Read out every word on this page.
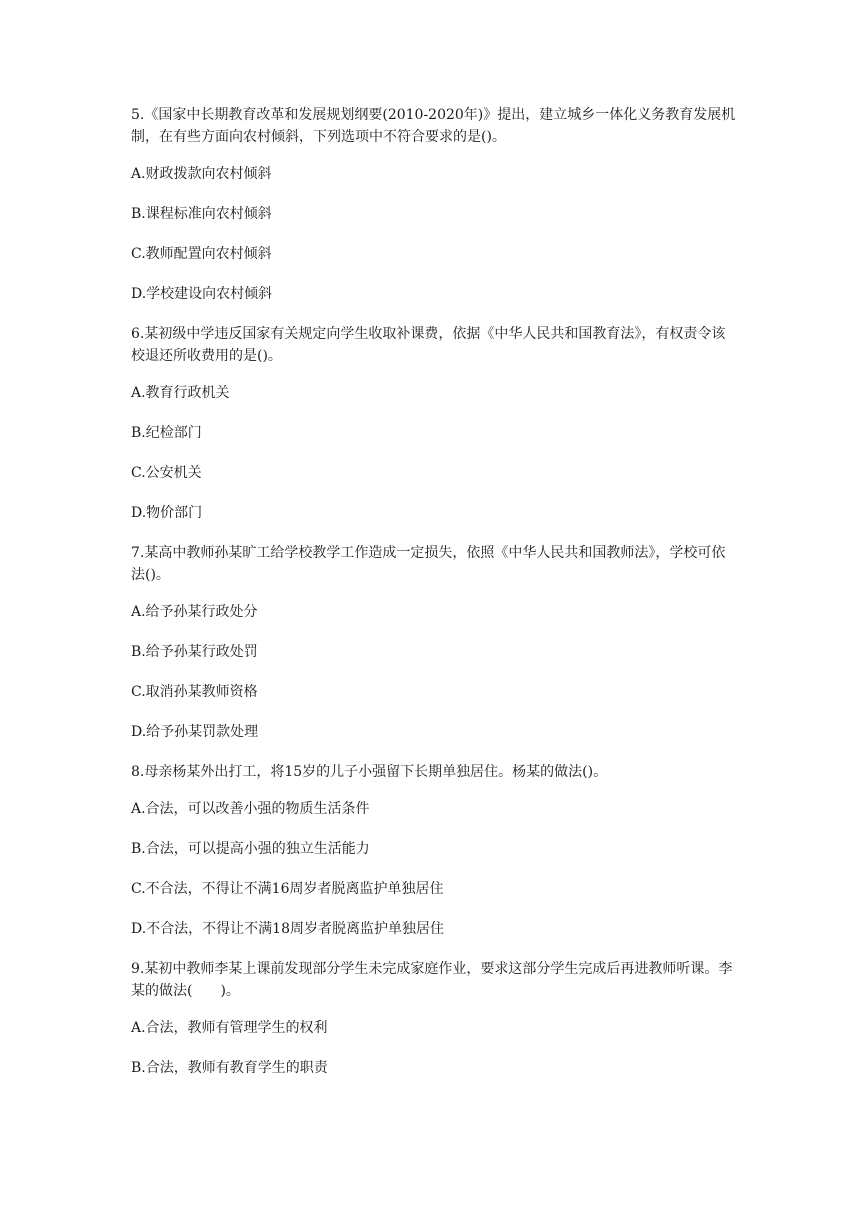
5.《国家中长期教育改革和发展规划纲要(2010-2020年)》提出，建立城乡一体化义务教育发展机制，在有些方面向农村倾斜，下列选项中不符合要求的是()。

A.财政拨款向农村倾斜

B.课程标准向农村倾斜

C.教师配置向农村倾斜

D.学校建设向农村倾斜

6.某初级中学违反国家有关规定向学生收取补课费，依据《中华人民共和国教育法》，有权责令该校退还所收费用的是()。

A.教育行政机关

B.纪检部门

C.公安机关

D.物价部门

7.某高中教师孙某旷工给学校教学工作造成一定损失，依照《中华人民共和国教师法》，学校可依法()。

A.给予孙某行政处分

B.给予孙某行政处罚

C.取消孙某教师资格

D.给予孙某罚款处理

8.母亲杨某外出打工，将15岁的儿子小强留下长期单独居住。杨某的做法()。

A.合法，可以改善小强的物质生活条件

B.合法，可以提高小强的独立生活能力

C.不合法，不得让不满16周岁者脱离监护单独居住

D.不合法，不得让不满18周岁者脱离监护单独居住

9.某初中教师李某上课前发现部分学生未完成家庭作业，要求这部分学生完成后再进教师听课。李某的做法(　　)。

A.合法，教师有管理学生的权利

B.合法，教师有教育学生的职责
